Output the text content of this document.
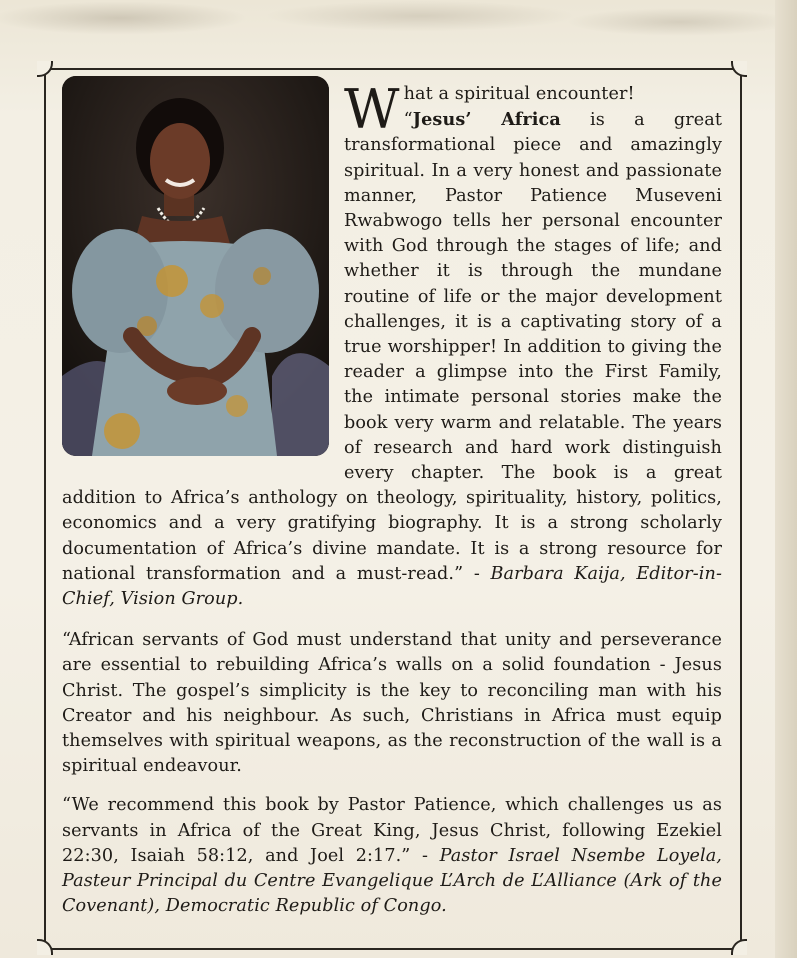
What a spiritual encounter!
“Jesus’ Africa is a great transformational piece and amazingly spiritual. In a very honest and passionate manner, Pastor Patience Museveni Rwabwogo tells her personal encounter with God through the stages of life; and whether it is through the mundane routine of life or the major development challenges, it is a captivating story of a true worshipper! In addition to giving the reader a glimpse into the First Family, the intimate personal stories make the book very warm and relatable. The years of research and hard work distinguish every chapter. The book is a great addition to Africa’s anthology on theology, spirituality, history, politics, economics and a very gratifying biography. It is a strong scholarly documentation of Africa’s divine mandate. It is a strong resource for national transformation and a must-read.” - Barbara Kaija, Editor-in-Chief, Vision Group.
“African servants of God must understand that unity and perseverance are essential to rebuilding Africa’s walls on a solid foundation - Jesus Christ. The gospel’s simplicity is the key to reconciling man with his Creator and his neighbour. As such, Christians in Africa must equip themselves with spiritual weapons, as the reconstruction of the wall is a spiritual endeavour.
“We recommend this book by Pastor Patience, which challenges us as servants in Africa of the Great King, Jesus Christ, following Ezekiel 22:30, Isaiah 58:12, and Joel 2:17.” - Pastor Israel Nsembe Loyela, Pasteur Principal du Centre Evangelique L’Arch de L’Alliance (Ark of the Covenant), Democratic Republic of Congo.
